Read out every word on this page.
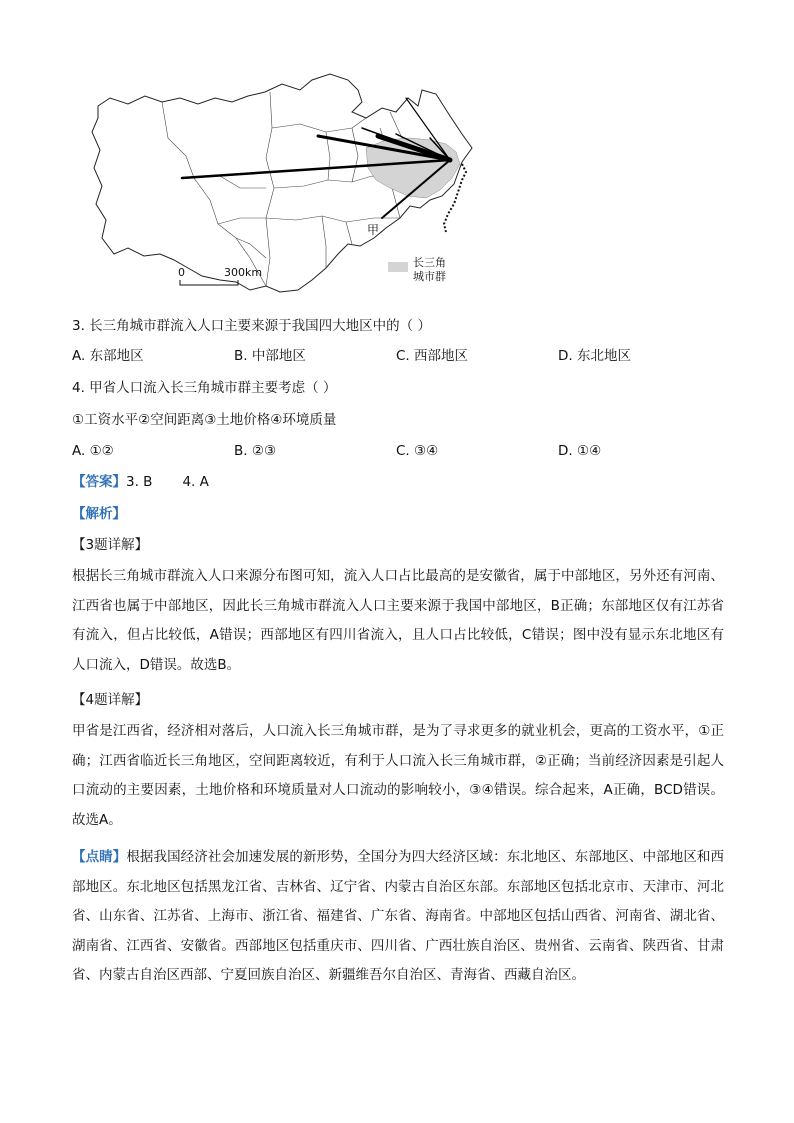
甲
0	300km
长三角
城市群
3. 长三角城市群流入人口主要来源于我国四大地区中的（ ）
A. 东部地区	B. 中部地区	C. 西部地区	D. 东北地区
4. 甲省人口流入长三角城市群主要考虑（ ）
①工资水平②空间距离③土地价格④环境质量
A. ①②	B. ②③	C. ③④	D. ①④
【答案】3. B 4. A
【解析】
【3题详解】

根据长三角城市群流入人口来源分布图可知，流入人口占比最高的是安徽省，属于中部地区，另外还有河南、江西省也属于中部地区，因此长三角城市群流入人口主要来源于我国中部地区，B正确；东部地区仅有江苏省有流入，但占比较低，A错误；西部地区有四川省流入，且人口占比较低，C错误；图中没有显示东北地区有人口流入，D错误。故选B。

【4题详解】

甲省是江西省，经济相对落后，人口流入长三角城市群，是为了寻求更多的就业机会，更高的工资水平，①正确；江西省临近长三角地区，空间距离较近，有利于人口流入长三角城市群，②正确；当前经济因素是引起人口流动的主要因素，土地价格和环境质量对人口流动的影响较小，③④错误。综合起来，A正确，BCD错误。故选A。

【点睛】根据我国经济社会加速发展的新形势，全国分为四大经济区域：东北地区、东部地区、中部地区和西部地区。东北地区包括黑龙江省、吉林省、辽宁省、内蒙古自治区东部。东部地区包括北京市、天津市、河北省、山东省、江苏省、上海市、浙江省、福建省、广东省、海南省。中部地区包括山西省、河南省、湖北省、湖南省、江西省、安徽省。西部地区包括重庆市、四川省、广西壮族自治区、贵州省、云南省、陕西省、甘肃省、内蒙古自治区西部、宁夏回族自治区、新疆维吾尔自治区、青海省、西藏自治区。
